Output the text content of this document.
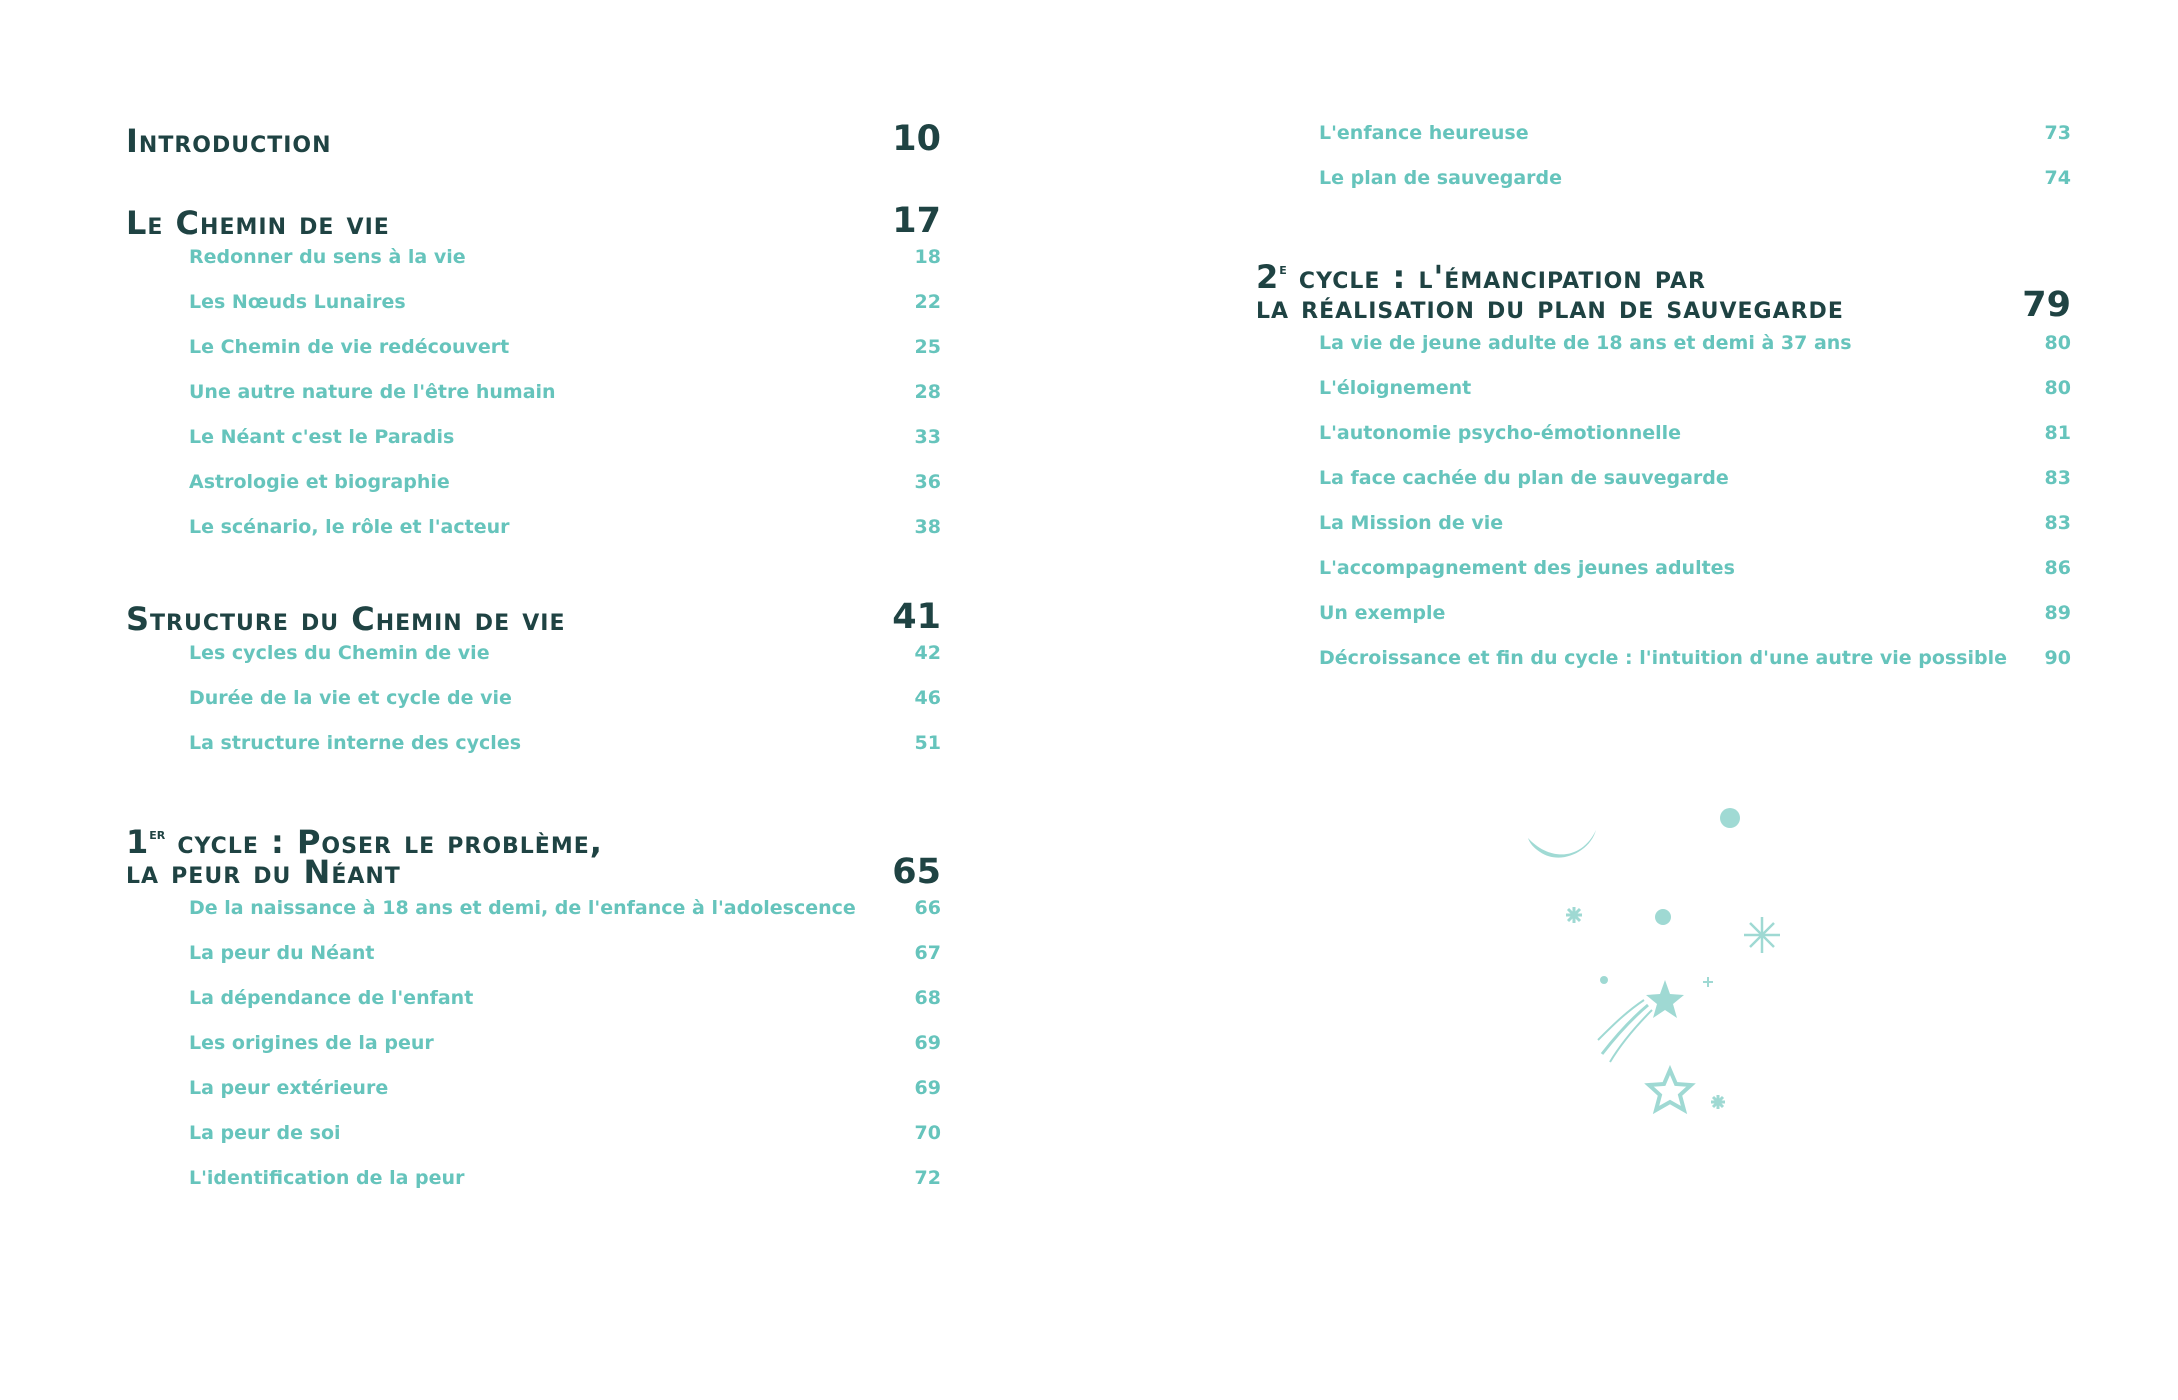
Introduction	10
Le Chemin de vie	17
Redonner du sens à la vie	18
Les Nœuds Lunaires	22
Le Chemin de vie redécouvert	25
Une autre nature de l'être humain	28
Le Néant c'est le Paradis	33
Astrologie et biographie	36
Le scénario, le rôle et l'acteur	38
Structure du Chemin de vie	41
Les cycles du Chemin de vie	42
Durée de la vie et cycle de vie	46
La structure interne des cycles	51
1er cycle : Poser le problème,
la peur du Néant	65
De la naissance à 18 ans et demi, de l'enfance à l'adolescence	66
La peur du Néant	67
La dépendance de l'enfant	68
Les origines de la peur	69
La peur extérieure	69
La peur de soi	70
L'identification de la peur	72
L'enfance heureuse	73
Le plan de sauvegarde	74
2e cycle : l'émancipation par
la réalisation du plan de sauvegarde	79
La vie de jeune adulte de 18 ans et demi à 37 ans	80
L'éloignement	80
L'autonomie psycho-émotionnelle	81
La face cachée du plan de sauvegarde	83
La Mission de vie	83
L'accompagnement des jeunes adultes	86
Un exemple	89
Décroissance et fin du cycle : l'intuition d'une autre vie possible 90
